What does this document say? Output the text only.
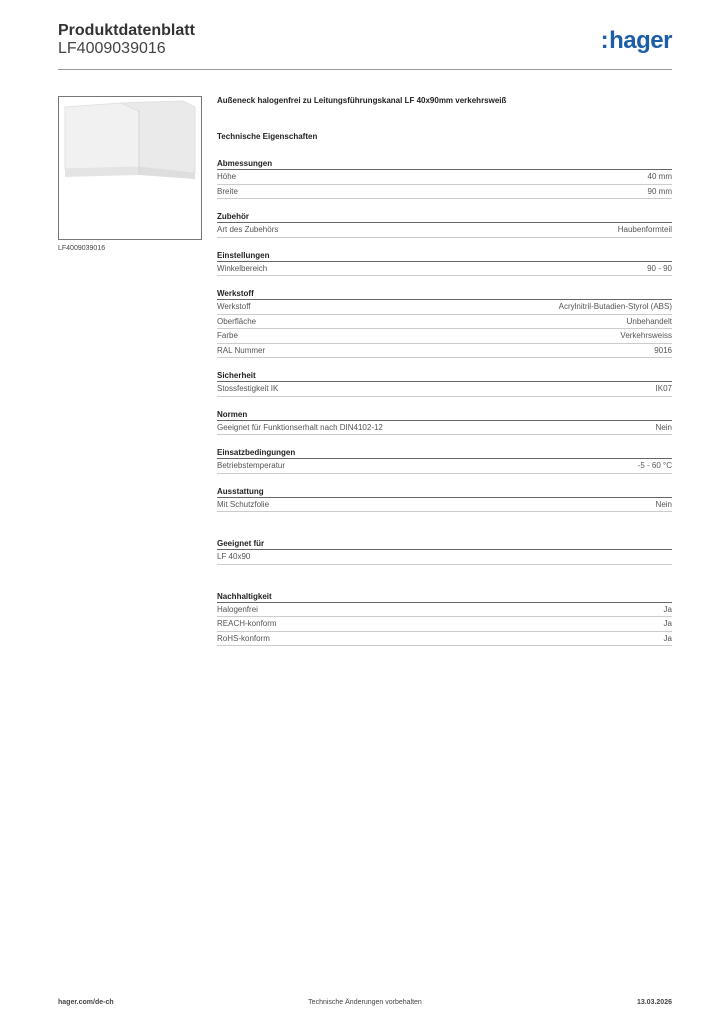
Produktdatenblatt
LF4009039016	:hager
LF4009039016
Außeneck halogenfrei zu Leitungsführungskanal LF 40x90mm verkehrsweiß
Technische Eigenschaften
Abmessungen
Höhe	40 mm
Breite	90 mm
Zubehör
Art des Zubehörs	Haubenformteil
Einstellungen
Winkelbereich	90 - 90
Werkstoff
Werkstoff	Acrylnitril-Butadien-Styrol (ABS)
Oberfläche	Unbehandelt
Farbe	Verkehrsweiss
RAL Nummer	9016
Sicherheit
Stossfestigkeit IK	IK07
Normen
Geeignet für Funktionserhalt nach DIN4102-12	Nein
Einsatzbedingungen
Betriebstemperatur	-5 - 60 °C
Ausstattung
Mit Schutzfolie	Nein
Geeignet für
LF 40x90
Nachhaltigkeit
Halogenfrei	Ja
REACH-konform	Ja
RoHS-konform	Ja
hager.com/de-ch	Technische Änderungen vorbehalten	13.03.2026
